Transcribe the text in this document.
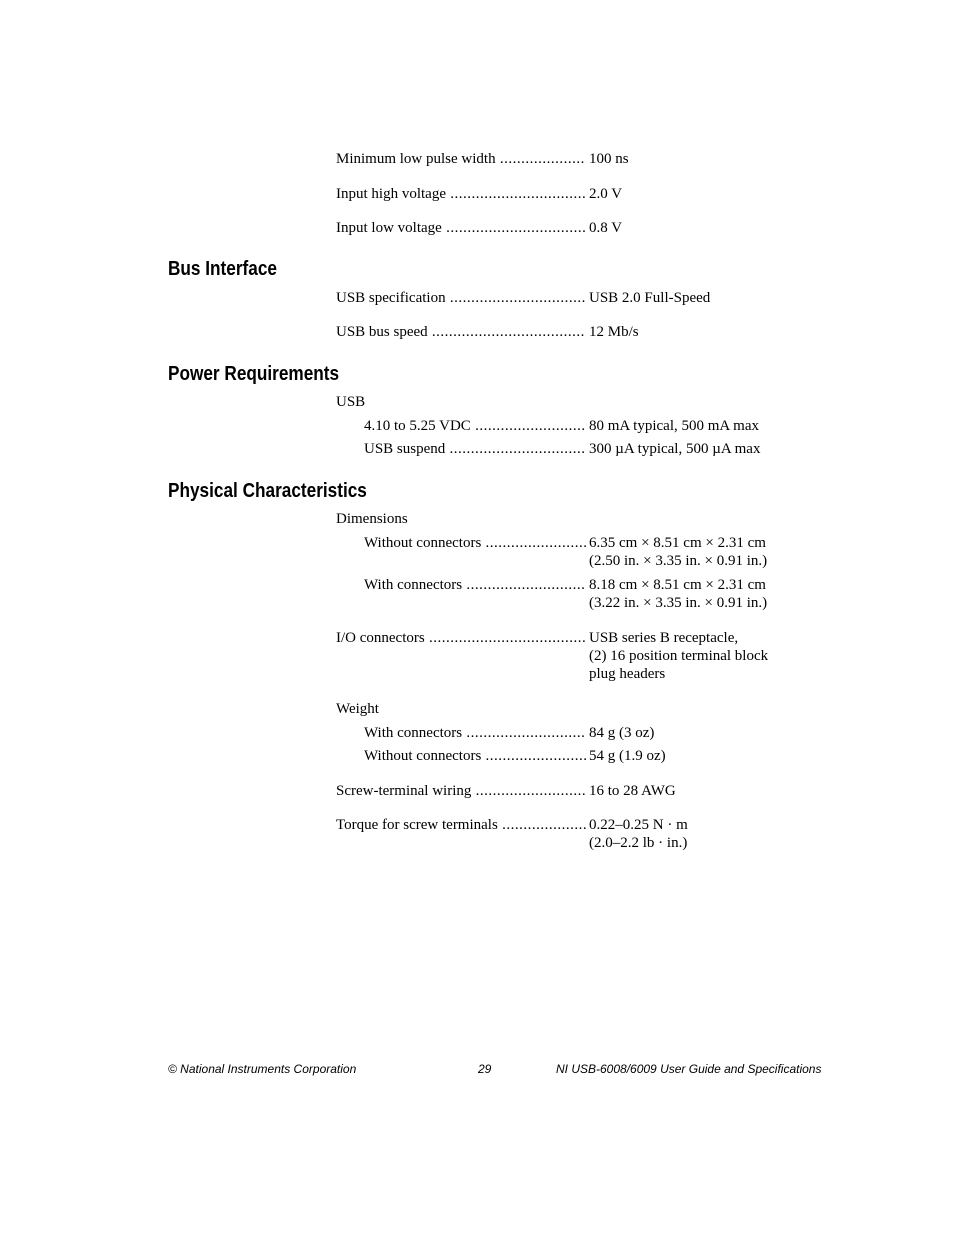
Minimum low pulse width .....	100 ns
Input high voltage .....	2.0 V
Input low voltage .....	0.8 V
Bus Interface
USB specification .....	USB 2.0 Full-Speed
USB bus speed .....	12 Mb/s
Power Requirements
USB
4.10 to 5.25 VDC .....	80 mA typical, 500 mA max
USB suspend .....	300 µA typical, 500 µA max
Physical Characteristics
Dimensions
Without connectors .....	6.35 cm × 8.51 cm × 2.31 cm
(2.50 in. × 3.35 in. × 0.91 in.)
With connectors .....	8.18 cm × 8.51 cm × 2.31 cm
(3.22 in. × 3.35 in. × 0.91 in.)
I/O connectors .....	USB series B receptacle,
(2) 16 position terminal block
plug headers
Weight
With connectors .....	84 g (3 oz)
Without connectors .....	54 g (1.9 oz)
Screw-terminal wiring .....	16 to 28 AWG
Torque for screw terminals .....	0.22–0.25 N · m
(2.0–2.2 lb · in.)
© National Instruments Corporation	29	NI USB-6008/6009 User Guide and Specifications
